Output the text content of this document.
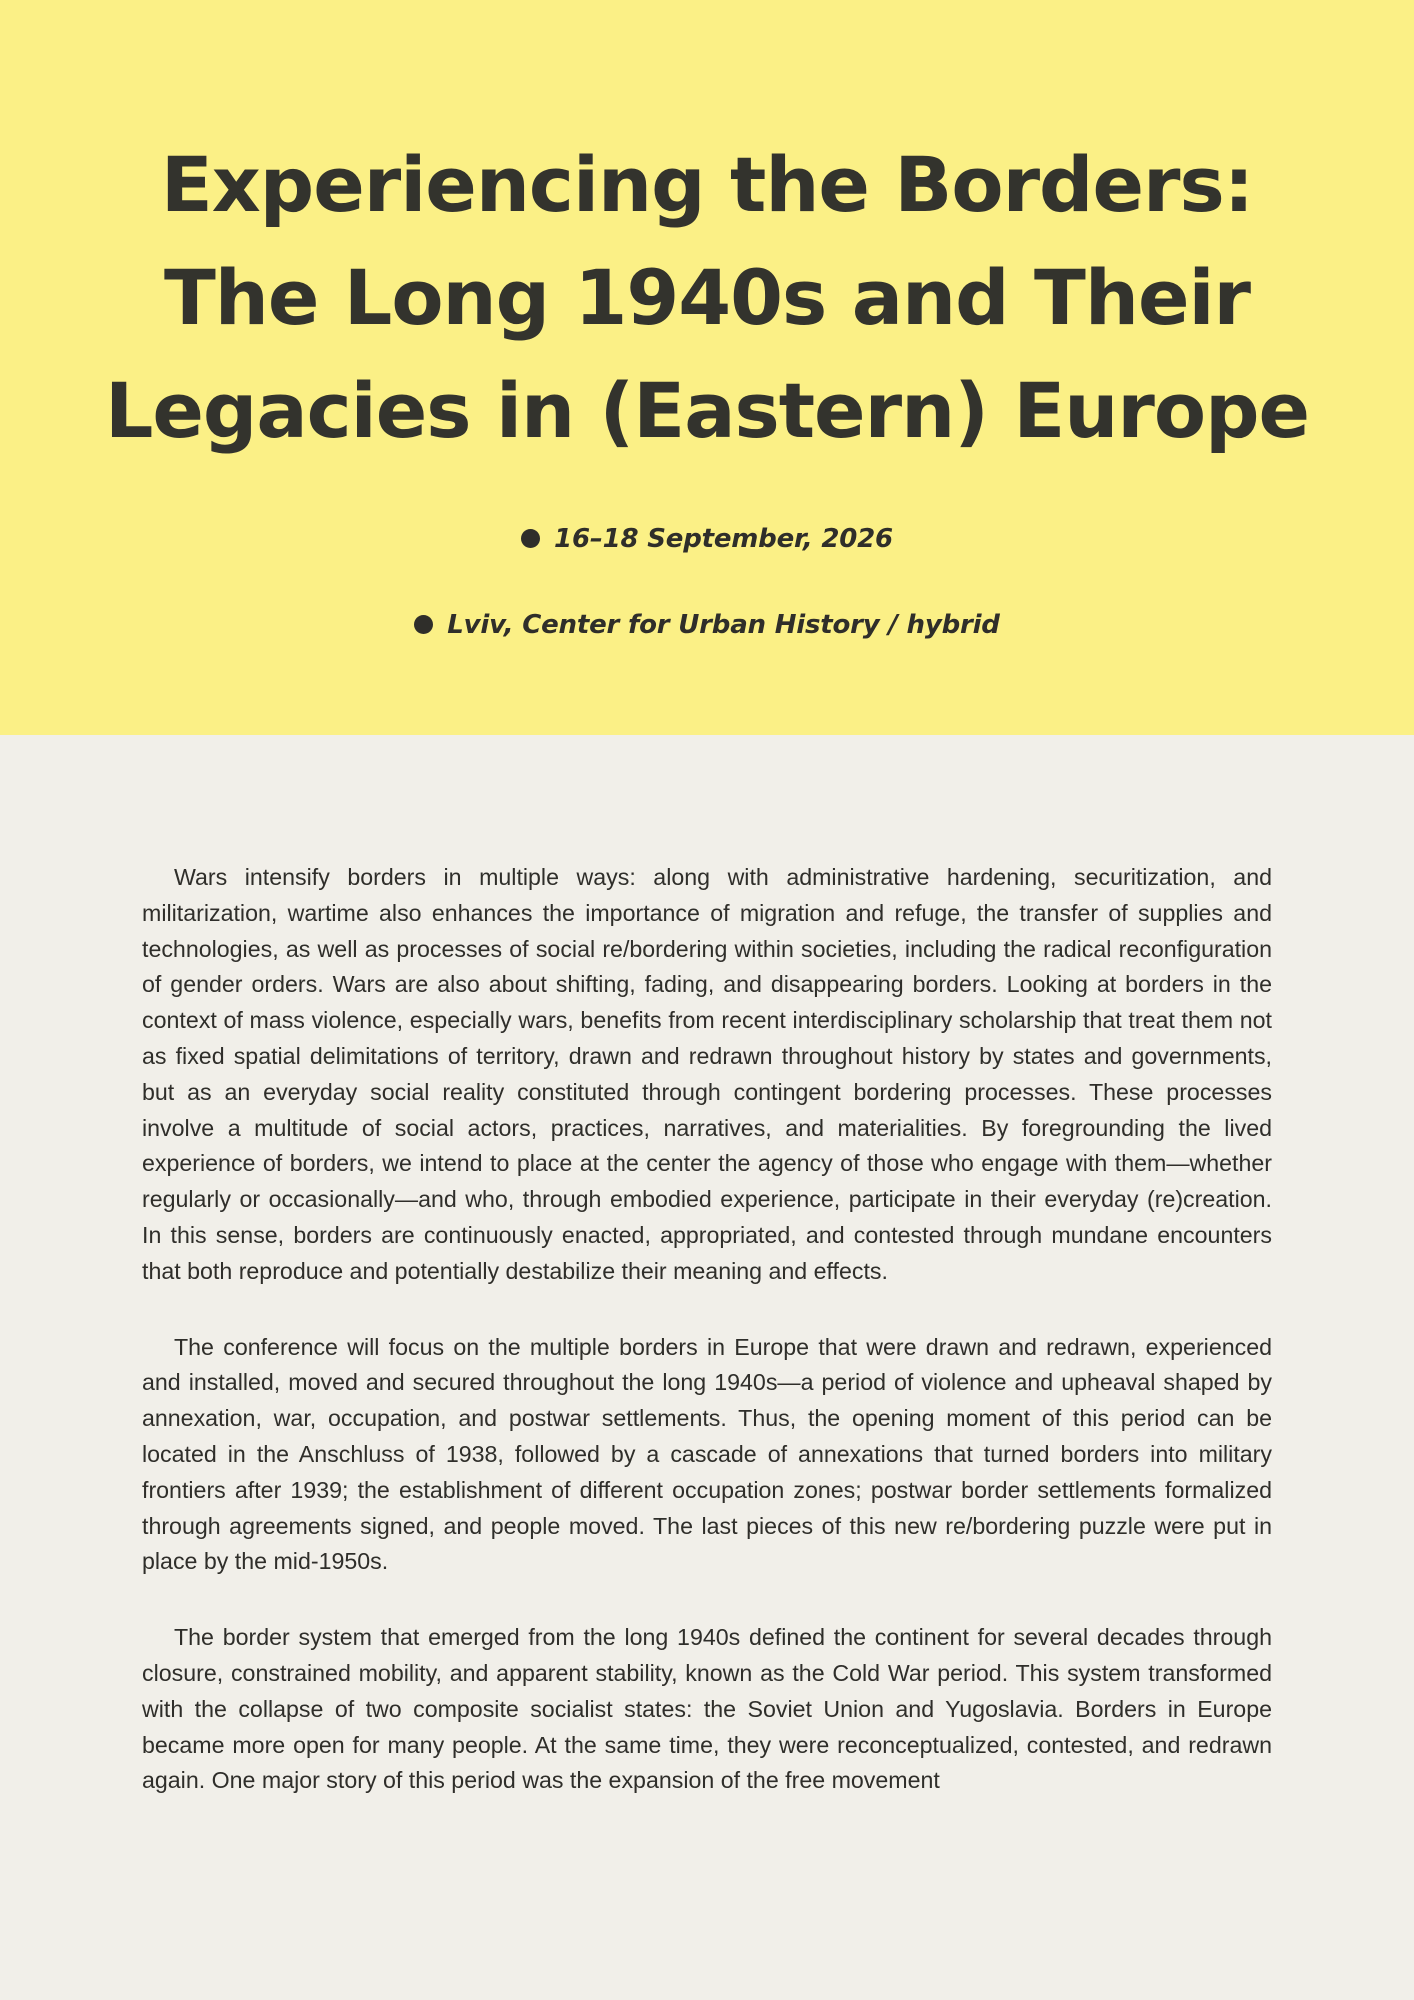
Experiencing the Borders:
The Long 1940s and Their
Legacies in (Eastern) Europe
16–18 September, 2026
Lviv, Center for Urban History / hybrid

Wars intensify borders in multiple ways: along with administrative hardening, securitization, and militarization, wartime also enhances the importance of migration and refuge, the transfer of supplies and technologies, as well as processes of social re/bordering within societies, including the radical reconfiguration of gender orders. Wars are also about shifting, fading, and disappearing borders. Looking at borders in the context of mass violence, especially wars, benefits from recent interdisciplinary scholarship that treat them not as fixed spatial delimitations of territory, drawn and redrawn throughout history by states and governments, but as an everyday social reality constituted through contingent bordering processes. These processes involve a multitude of social actors, practices, narratives, and materialities. By foregrounding the lived experience of borders, we intend to place at the center the agency of those who engage with them—whether regularly or occasionally—and who, through embodied experience, participate in their everyday (re)creation. In this sense, borders are continuously enacted, appropriated, and contested through mundane encounters that both reproduce and potentially destabilize their meaning and effects.

The conference will focus on the multiple borders in Europe that were drawn and redrawn, experienced and installed, moved and secured throughout the long 1940s—a period of violence and upheaval shaped by annexation, war, occupation, and postwar settlements. Thus, the opening moment of this period can be located in the Anschluss of 1938, followed by a cascade of annexations that turned borders into military frontiers after 1939; the establishment of different occupation zones; postwar border settlements formalized through agreements signed, and people moved. The last pieces of this new re/bordering puzzle were put in place by the mid-1950s.

The border system that emerged from the long 1940s defined the continent for several decades through closure, constrained mobility, and apparent stability, known as the Cold War period. This system transformed with the collapse of two composite socialist states: the Soviet Union and Yugoslavia. Borders in Europe became more open for many people. At the same time, they were reconceptualized, contested, and redrawn again. One major story of this period was the expansion of the free movement
